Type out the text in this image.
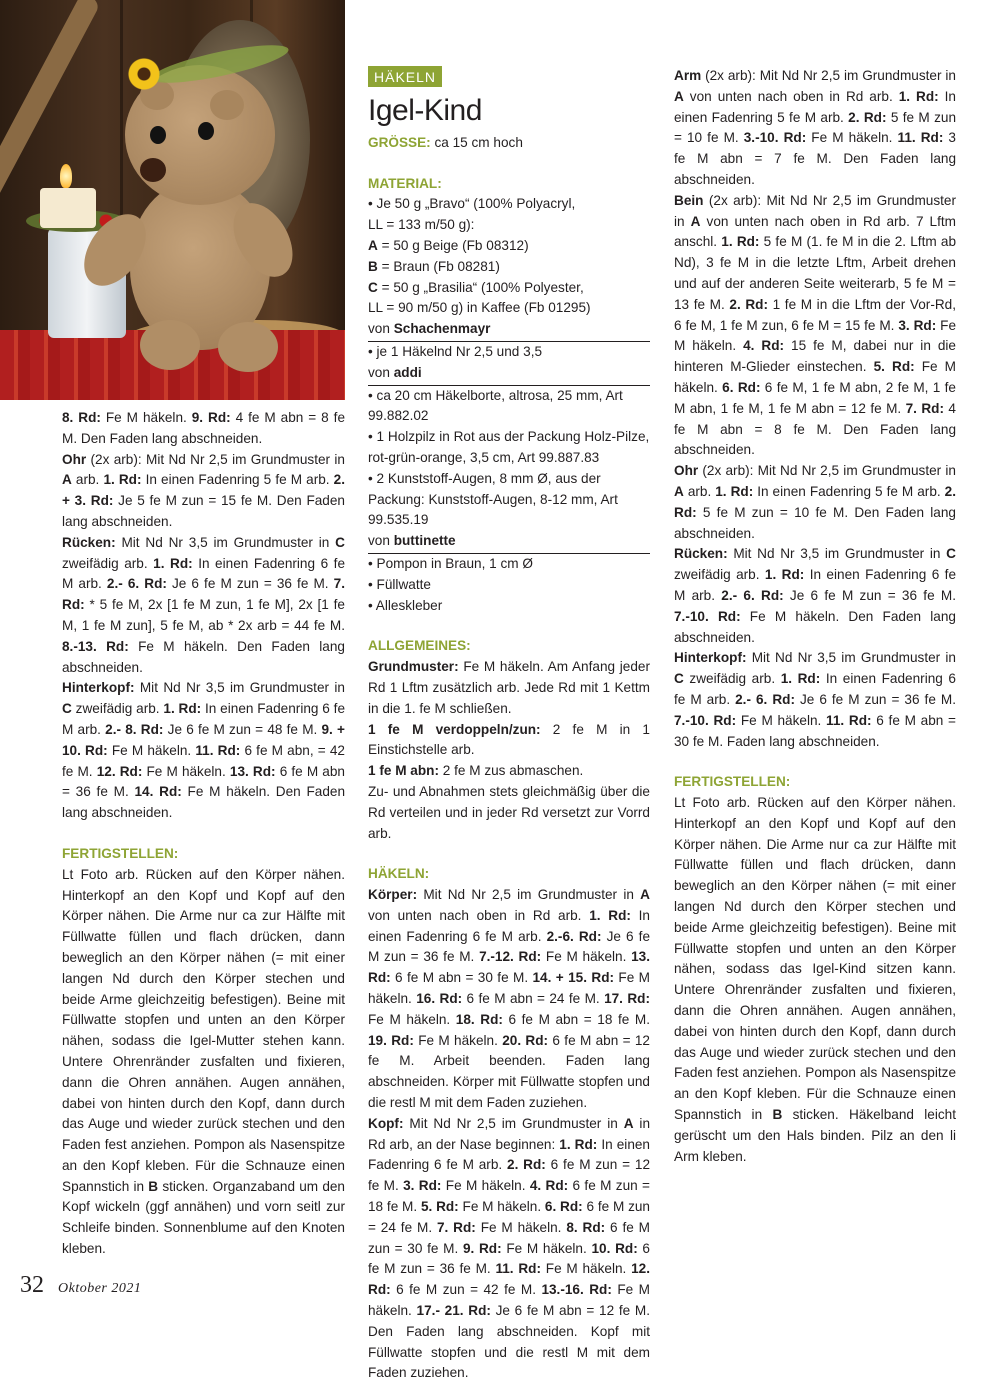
8. Rd: Fe M häkeln. 9. Rd: 4 fe M abn = 8 fe M. Den Faden lang abschneiden.

Ohr (2x arb): Mit Nd Nr 2,5 im Grundmuster in A arb. 1. Rd: In einen Fadenring 5 fe M arb. 2. + 3. Rd: Je 5 fe M zun = 15 fe M. Den Faden lang abschneiden.

Rücken: Mit Nd Nr 3,5 im Grundmuster in C zweifädig arb. 1. Rd: In einen Fadenring 6 fe M arb. 2.- 6. Rd: Je 6 fe M zun = 36 fe M. 7. Rd: * 5 fe M, 2x [1 fe M zun, 1 fe M], 2x [1 fe M, 1 fe M zun], 5 fe M, ab * 2x arb = 44 fe M. 8.-13. Rd: Fe M häkeln. Den Faden lang abschneiden.

Hinterkopf: Mit Nd Nr 3,5 im Grundmuster in C zweifädig arb. 1. Rd: In einen Fadenring 6 fe M arb. 2.- 8. Rd: Je 6 fe M zun = 48 fe M. 9. + 10. Rd: Fe M häkeln. 11. Rd: 6 fe M abn, = 42 fe M. 12. Rd: Fe M häkeln. 13. Rd: 6 fe M abn = 36 fe M. 14. Rd: Fe M häkeln. Den Faden lang abschneiden.

FERTIGSTELLEN:

Lt Foto arb. Rücken auf den Körper nähen. Hinterkopf an den Kopf und Kopf auf den Körper nähen. Die Arme nur ca zur Hälfte mit Füllwatte füllen und flach drücken, dann beweglich an den Körper nähen (= mit einer langen Nd durch den Körper stechen und beide Arme gleichzeitig befestigen). Beine mit Füllwatte stopfen und unten an den Körper nähen, sodass die Igel-Mutter stehen kann. Untere Ohrenränder zusfalten und fixieren, dann die Ohren annähen. Augen annähen, dabei von hinten durch den Kopf, dann durch das Auge und wieder zurück stechen und den Faden fest anziehen. Pompon als Nasenspitze an den Kopf kleben. Für die Schnauze einen Spannstich in B sticken. Organzaband um den Kopf wickeln (ggf annähen) und vorn seitl zur Schleife binden. Sonnenblume auf den Knoten kleben.

HÄKELN
Igel-Kind

GRÖSSE: ca 15 cm hoch

MATERIAL:

• Je 50 g „Bravo“ (100% Polyacryl,

LL = 133 m/50 g):

A = 50 g Beige (Fb 08312)

B = Braun (Fb 08281)

C = 50 g „Brasilia“ (100% Polyester,

LL = 90 m/50 g) in Kaffee (Fb 01295)

von Schachenmayr

• je 1 Häkelnd Nr 2,5 und 3,5

von addi

• ca 20 cm Häkelborte, altrosa, 25 mm, Art 99.882.02

• 1 Holzpilz in Rot aus der Packung Holz-Pilze, rot-grün-orange, 3,5 cm, Art 99.887.83

• 2 Kunststoff-Augen, 8 mm Ø, aus der Packung: Kunststoff-Augen, 8-12 mm, Art 99.535.19

von buttinette

• Pompon in Braun, 1 cm Ø

• Füllwatte

• Alleskleber

ALLGEMEINES:

Grundmuster: Fe M häkeln. Am Anfang jeder Rd 1 Lftm zusätzlich arb. Jede Rd mit 1 Kettm in die 1. fe M schließen.

1 fe M verdoppeln/zun: 2 fe M in 1 Einstichstelle arb.

1 fe M abn: 2 fe M zus abmaschen.

Zu- und Abnahmen stets gleichmäßig über die Rd verteilen und in jeder Rd versetzt zur Vorrd arb.

HÄKELN:

Körper: Mit Nd Nr 2,5 im Grundmuster in A von unten nach oben in Rd arb. 1. Rd: In einen Fadenring 6 fe M arb. 2.-6. Rd: Je 6 fe M zun = 36 fe M. 7.-12. Rd: Fe M häkeln. 13. Rd: 6 fe M abn = 30 fe M. 14. + 15. Rd: Fe M häkeln. 16. Rd: 6 fe M abn = 24 fe M. 17. Rd: Fe M häkeln. 18. Rd: 6 fe M abn = 18 fe M. 19. Rd: Fe M häkeln. 20. Rd: 6 fe M abn = 12 fe M. Arbeit beenden. Faden lang abschneiden. Körper mit Füllwatte stopfen und die restl M mit dem Faden zuziehen.

Kopf: Mit Nd Nr 2,5 im Grundmuster in A in Rd arb, an der Nase beginnen: 1. Rd: In einen Fadenring 6 fe M arb. 2. Rd: 6 fe M zun = 12 fe M. 3. Rd: Fe M häkeln. 4. Rd: 6 fe M zun = 18 fe M. 5. Rd: Fe M häkeln. 6. Rd: 6 fe M zun = 24 fe M. 7. Rd: Fe M häkeln. 8. Rd: 6 fe M zun = 30 fe M. 9. Rd: Fe M häkeln. 10. Rd: 6 fe M zun = 36 fe M. 11. Rd: Fe M häkeln. 12. Rd: 6 fe M zun = 42 fe M. 13.-16. Rd: Fe M häkeln. 17.- 21. Rd: Je 6 fe M abn = 12 fe M. Den Faden lang abschneiden. Kopf mit Füllwatte stopfen und die restl M mit dem Faden zuziehen.

Arm (2x arb): Mit Nd Nr 2,5 im Grundmuster in A von unten nach oben in Rd arb. 1. Rd: In einen Fadenring 5 fe M arb. 2. Rd: 5 fe M zun = 10 fe M. 3.-10. Rd: Fe M häkeln. 11. Rd: 3 fe M abn = 7 fe M. Den Faden lang abschneiden.

Bein (2x arb): Mit Nd Nr 2,5 im Grundmuster in A von unten nach oben in Rd arb. 7 Lftm anschl. 1. Rd: 5 fe M (1. fe M in die 2. Lftm ab Nd), 3 fe M in die letzte Lftm, Arbeit drehen und auf der anderen Seite weiterarb, 5 fe M = 13 fe M. 2. Rd: 1 fe M in die Lftm der Vor-Rd, 6 fe M, 1 fe M zun, 6 fe M = 15 fe M. 3. Rd: Fe M häkeln. 4. Rd: 15 fe M, dabei nur in die hinteren M-Glieder einstechen. 5. Rd: Fe M häkeln. 6. Rd: 6 fe M, 1 fe M abn, 2 fe M, 1 fe M abn, 1 fe M, 1 fe M abn = 12 fe M. 7. Rd: 4 fe M abn = 8 fe M. Den Faden lang abschneiden.

Ohr (2x arb): Mit Nd Nr 2,5 im Grundmuster in A arb. 1. Rd: In einen Fadenring 5 fe M arb. 2. Rd: 5 fe M zun = 10 fe M. Den Faden lang abschneiden.

Rücken: Mit Nd Nr 3,5 im Grundmuster in C zweifädig arb. 1. Rd: In einen Fadenring 6 fe M arb. 2.- 6. Rd: Je 6 fe M zun = 36 fe M. 7.-10. Rd: Fe M häkeln. Den Faden lang abschneiden.

Hinterkopf: Mit Nd Nr 3,5 im Grundmuster in C zweifädig arb. 1. Rd: In einen Fadenring 6 fe M arb. 2.- 6. Rd: Je 6 fe M zun = 36 fe M. 7.-10. Rd: Fe M häkeln. 11. Rd: 6 fe M abn = 30 fe M. Faden lang abschneiden.

FERTIGSTELLEN:

Lt Foto arb. Rücken auf den Körper nähen. Hinterkopf an den Kopf und Kopf auf den Körper nähen. Die Arme nur ca zur Hälfte mit Füllwatte füllen und flach drücken, dann beweglich an den Körper nähen (= mit einer langen Nd durch den Körper stechen und beide Arme gleichzeitig befestigen). Beine mit Füllwatte stopfen und unten an den Körper nähen, sodass das Igel-Kind sitzen kann. Untere Ohrenränder zusfalten und fixieren, dann die Ohren annähen. Augen annähen, dabei von hinten durch den Kopf, dann durch das Auge und wieder zurück stechen und den Faden fest anziehen. Pompon als Nasenspitze an den Kopf kleben. Für die Schnauze einen Spannstich in B sticken. Häkelband leicht gerüscht um den Hals binden. Pilz an den li Arm kleben.

32 Oktober 2021
